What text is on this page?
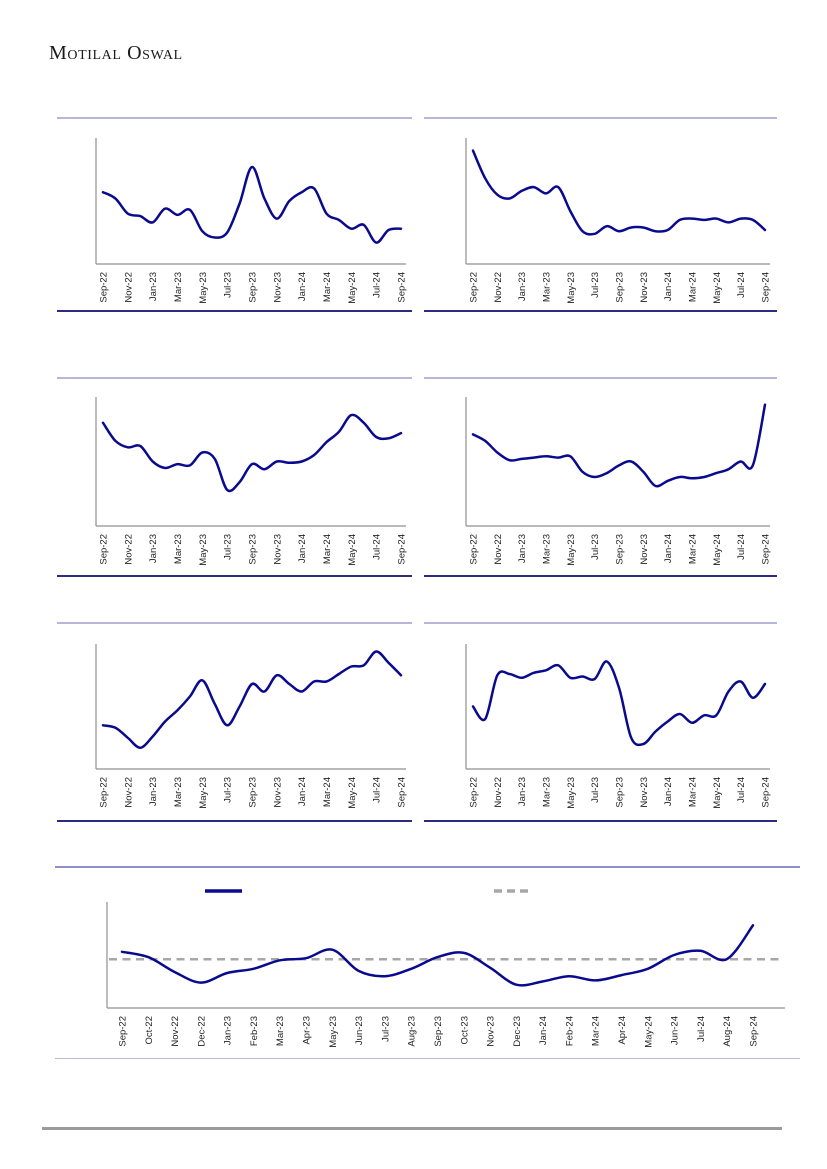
Motilal Oswal
Sep-22 Nov-22 Jan-23 Mar-23 May-23 Jul-23 Sep-23 Nov-23 Jan-24 Mar-24 May-24 Jul-24 Sep-24	Sep-22 Nov-22 Jan-23 Mar-23 May-23 Jul-23 Sep-23 Nov-23 Jan-24 Mar-24 May-24 Jul-24 Sep-24
Sep-22 Nov-22 Jan-23 Mar-23 May-23 Jul-23 Sep-23 Nov-23 Jan-24 Mar-24 May-24 Jul-24 Sep-24	Sep-22 Nov-22 Jan-23 Mar-23 May-23 Jul-23 Sep-23 Nov-23 Jan-24 Mar-24 May-24 Jul-24 Sep-24
Sep-22 Nov-22 Jan-23 Mar-23 May-23 Jul-23 Sep-23 Nov-23 Jan-24 Mar-24 May-24 Jul-24 Sep-24	Sep-22 Nov-22 Jan-23 Mar-23 May-23 Jul-23 Sep-23 Nov-23 Jan-24 Mar-24 May-24 Jul-24 Sep-24
Sep-22 Oct-22 Nov-22 Dec-22 Jan-23 Feb-23 Mar-23 Apr-23 May-23 Jun-23 Jul-23 Aug-23 Sep-23 Oct-23 Nov-23 Dec-23 Jan-24 Feb-24 Mar-24 Apr-24 May-24 Jun-24 Jul-24 Aug-24 Sep-24
